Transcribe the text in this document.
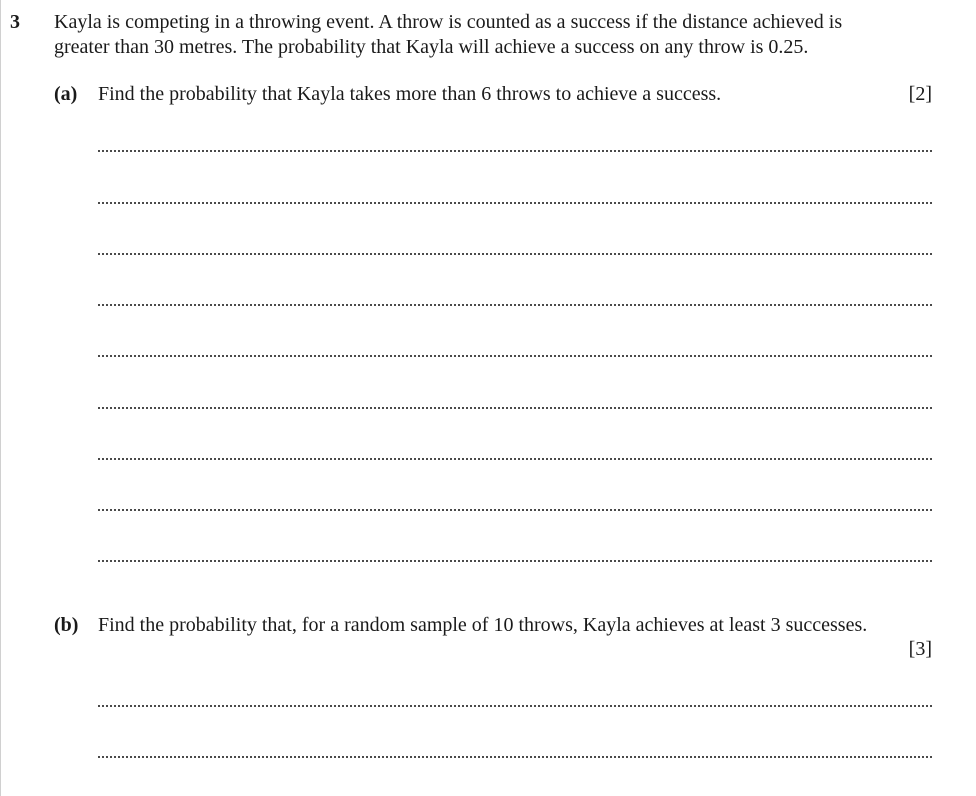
3 Kayla is competing in a throwing event. A throw is counted as a success if the distance achieved is
greater than 30 metres. The probability that Kayla will achieve a success on any throw is 0.25.
(a) Find the probability that Kayla takes more than 6 throws to achieve a success.	[2]
(b) Find the probability that, for a random sample of 10 throws, Kayla achieves at least 3 successes.
[3]
